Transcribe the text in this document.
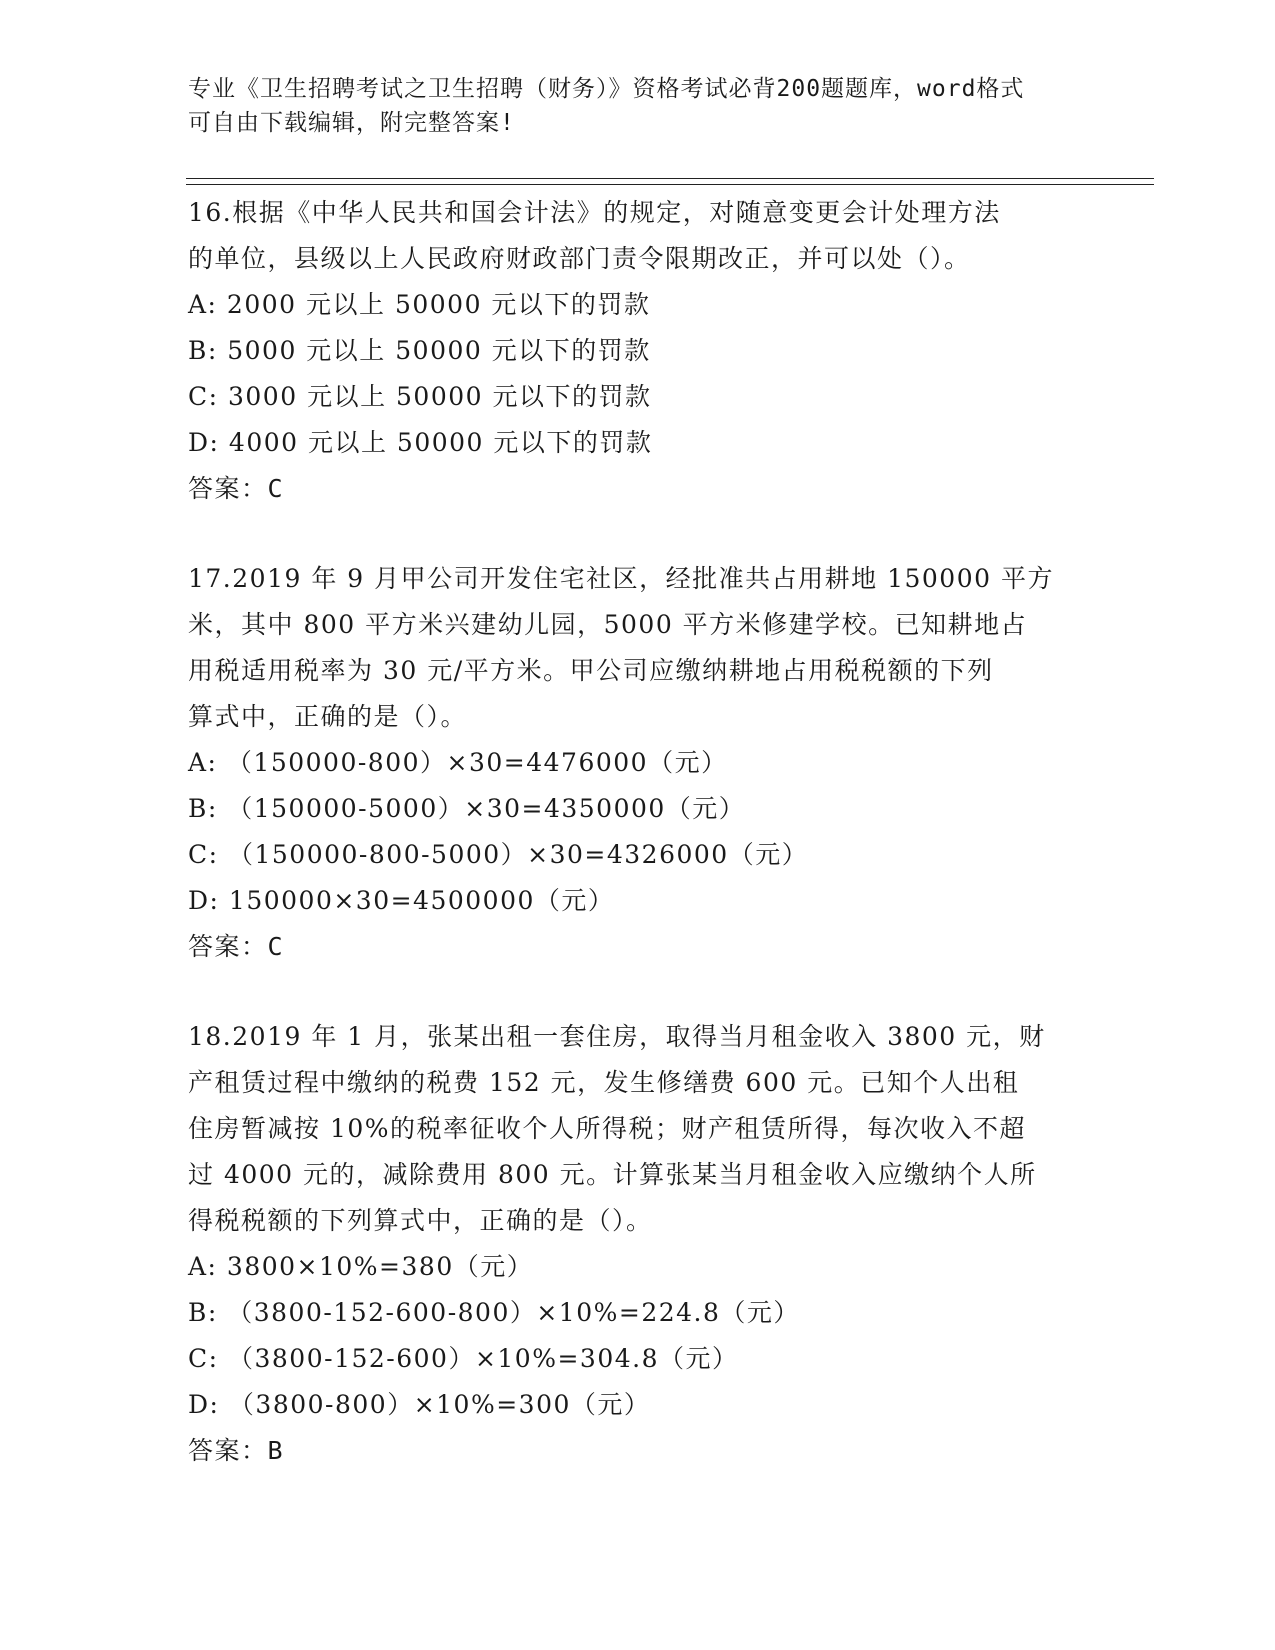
专业《卫生招聘考试之卫生招聘（财务）》资格考试必背200题题库，word格式
可自由下载编辑，附完整答案!
16.根据《中华人民共和国会计法》的规定，对随意变更会计处理方法
的单位，县级以上人民政府财政部门责令限期改正，并可以处（）。
A: 2000 元以上 50000 元以下的罚款
B: 5000 元以上 50000 元以下的罚款
C: 3000 元以上 50000 元以下的罚款
D: 4000 元以上 50000 元以下的罚款
答案：C
17.2019 年 9 月甲公司开发住宅社区，经批准共占用耕地 150000 平方
米，其中 800 平方米兴建幼儿园，5000 平方米修建学校。已知耕地占
用税适用税率为 30 元/平方米。甲公司应缴纳耕地占用税税额的下列
算式中，正确的是（）。
A: （150000-800）×30=4476000（元）
B: （150000-5000）×30=4350000（元）
C: （150000-800-5000）×30=4326000（元）
D: 150000×30=4500000（元）
答案：C
18.2019 年 1 月，张某出租一套住房，取得当月租金收入 3800 元，财
产租赁过程中缴纳的税费 152 元，发生修缮费 600 元。已知个人出租
住房暂减按 10%的税率征收个人所得税；财产租赁所得，每次收入不超
过 4000 元的，减除费用 800 元。计算张某当月租金收入应缴纳个人所
得税税额的下列算式中，正确的是（）。
A: 3800×10%=380（元）
B: （3800-152-600-800）×10%=224.8（元）
C: （3800-152-600）×10%=304.8（元）
D: （3800-800）×10%=300（元）
答案：B
